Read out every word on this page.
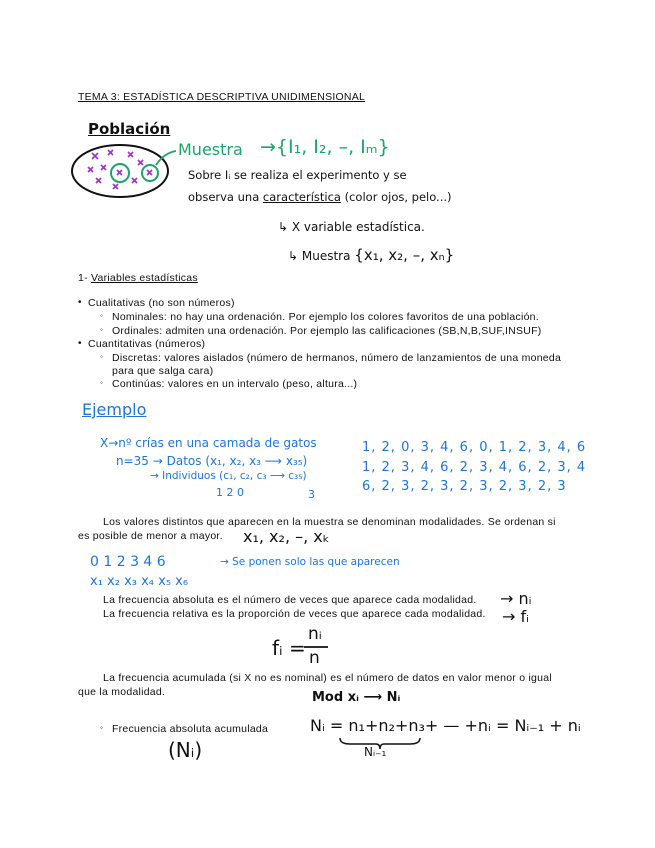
TEMA 3: ESTADÍSTICA DESCRIPTIVA UNIDIMENSIONAL
Población
Muestra →{I₁, I₂, –, Iₘ}
Sobre Iᵢ se realiza el experimento y se
observa una característica (color ojos, pelo...)
↳ X variable estadística.
↳ Muestra {x₁, x₂, –, xₙ}
1- Variables estadísticas
• Cualitativas (no son números)
◦ Nominales: no hay una ordenación. Por ejemplo los colores favoritos de una población.
◦ Ordinales: admiten una ordenación. Por ejemplo las calificaciones (SB,N,B,SUF,INSUF)
• Cuantitativas (números)
◦ Discretas: valores aislados (número de hermanos, número de lanzamientos de una moneda
para que salga cara)
◦ Continúas: valores en un intervalo (peso, altura...)
Ejemplo
X→nº crías en una camada de gatos
n=35 → Datos (x₁, x₂, x₃ ⟶ x₃₅)
→ Individuos (c₁, c₂, c₃ ⟶ c₃₅)
1 2 0	3
1, 2, 0, 3, 4, 6, 0, 1, 2, 3, 4, 6
1, 2, 3, 4, 6, 2, 3, 4, 6, 2, 3, 4
6, 2, 3, 2, 3, 2, 3, 2, 3, 2, 3
Los valores distintos que aparecen en la muestra se denominan modalidades. Se ordenan si
es posible de menor a mayor. x₁, x₂, –, xₖ
0 1 2 3 4 6	→ Se ponen solo las que aparecen
x₁ x₂ x₃ x₄ x₅ x₆
La frecuencia absoluta es el número de veces que aparece cada modalidad. → nᵢ
La frecuencia relativa es la proporción de veces que aparece cada modalidad. → fᵢ
fᵢ =
nᵢ
n
La frecuencia acumulada (si X no es nominal) es el número de datos en valor menor o igual
que la modalidad.	Mod xᵢ ⟶ Nᵢ
◦ Frecuencia absoluta acumulada
(Nᵢ)
Nᵢ = n₁+n₂+n₃+ — +nᵢ = Nᵢ₋₁ + nᵢ
Nᵢ₋₁
